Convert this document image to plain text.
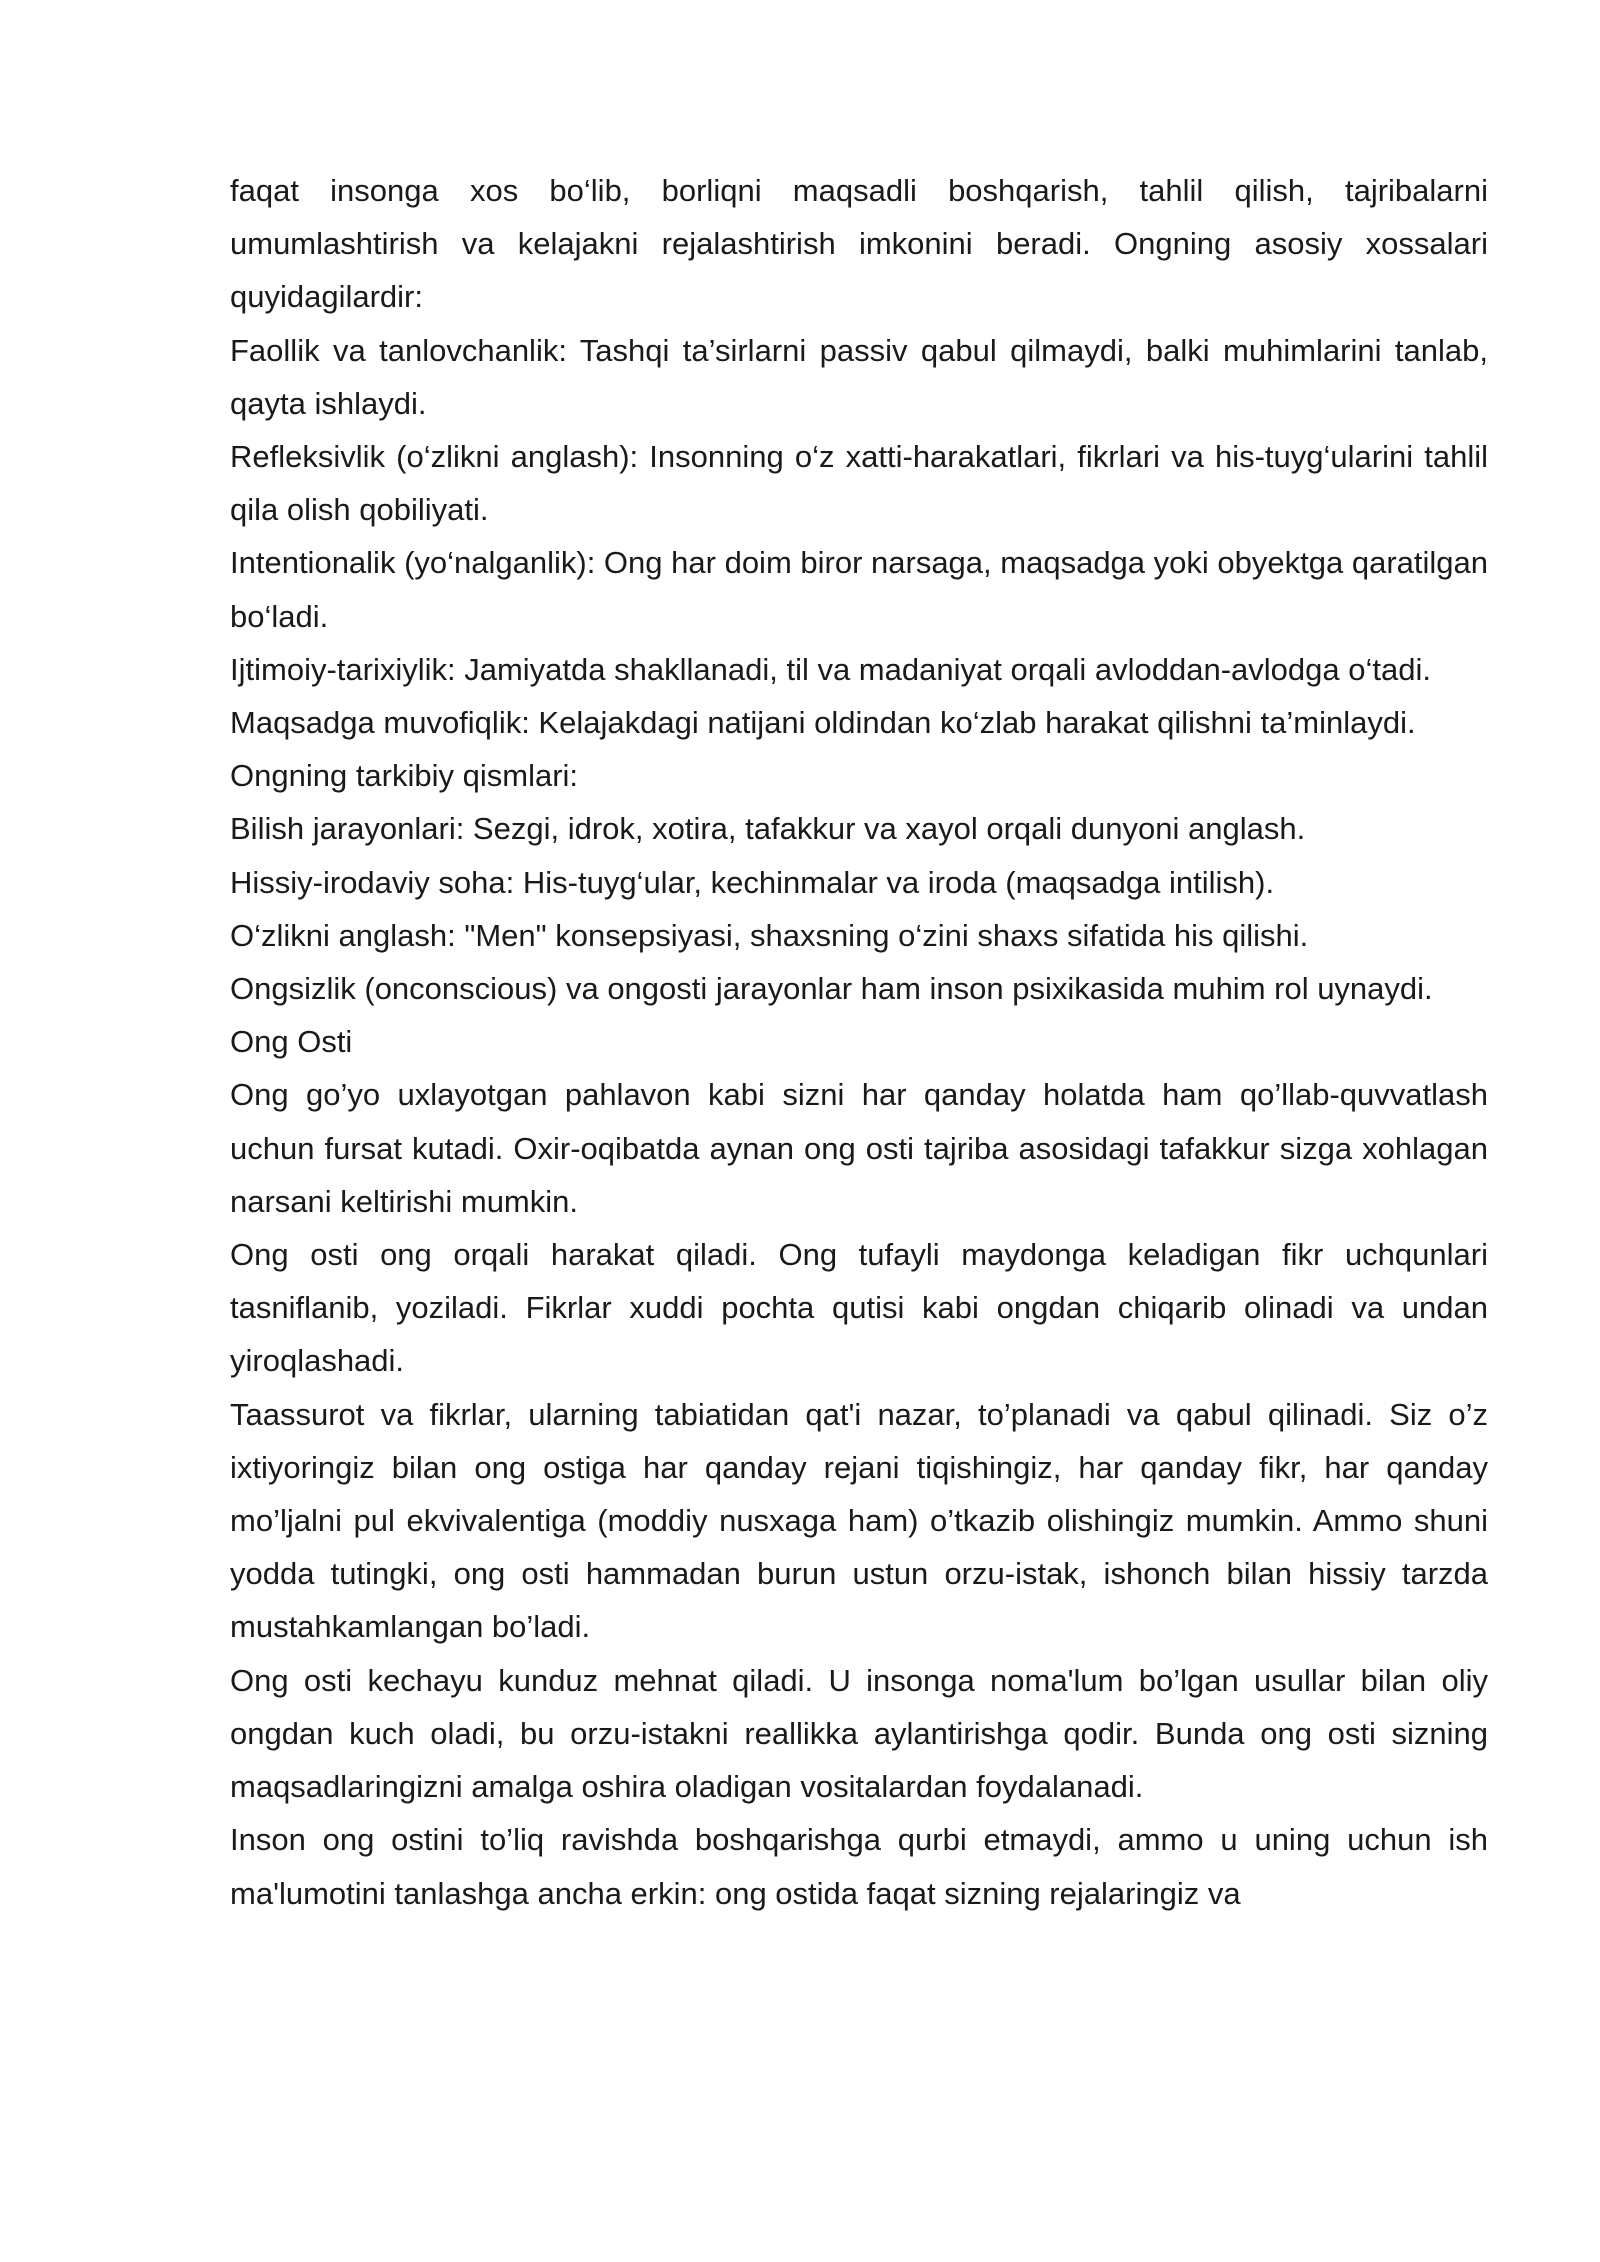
faqat insonga xos bo‘lib, borliqni maqsadli boshqarish, tahlil qilish, tajribalarni umumlashtirish va kelajakni rejalashtirish imkonini beradi. Ongning asosiy xossalari quyidagilardir:

Faollik va tanlovchanlik: Tashqi ta’sirlarni passiv qabul qilmaydi, balki muhimlarini tanlab, qayta ishlaydi.

Refleksivlik (o‘zlikni anglash): Insonning o‘z xatti-harakatlari, fikrlari va his-tuyg‘ularini tahlil qila olish qobiliyati.

Intentionalik (yo‘nalganlik): Ong har doim biror narsaga, maqsadga yoki obyektga qaratilgan bo‘ladi.

Ijtimoiy-tarixiylik: Jamiyatda shakllanadi, til va madaniyat orqali avloddan-avlodga o‘tadi.

Maqsadga muvofiqlik: Kelajakdagi natijani oldindan ko‘zlab harakat qilishni ta’minlaydi.

Ongning tarkibiy qismlari:

Bilish jarayonlari: Sezgi, idrok, xotira, tafakkur va xayol orqali dunyoni anglash.

Hissiy-irodaviy soha: His-tuyg‘ular, kechinmalar va iroda (maqsadga intilish).

O‘zlikni anglash: "Men" konsepsiyasi, shaxsning o‘zini shaxs sifatida his qilishi.

Ongsizlik (onconscious) va ongosti jarayonlar ham inson psixikasida muhim rol uynaydi.

Ong Osti

Ong go’yo uxlayotgan pahlavon kabi sizni har qanday holatda ham qo’llab-quvvatlash uchun fursat kutadi. Oxir-oqibatda aynan ong osti tajriba asosidagi tafakkur sizga xohlagan narsani keltirishi mumkin.

Ong osti ong orqali harakat qiladi. Ong tufayli maydonga keladigan fikr uchqunlari tasniflanib, yoziladi. Fikrlar xuddi pochta qutisi kabi ongdan chiqarib olinadi va undan yiroqlashadi.

Taassurot va fikrlar, ularning tabiatidan qat'i nazar, to’planadi va qabul qilinadi. Siz o’z ixtiyoringiz bilan ong ostiga har qanday rejani tiqishingiz, har qanday fikr, har qanday mo’ljalni pul ekvivalentiga (moddiy nusxaga ham) o’tkazib olishingiz mumkin. Ammo shuni yodda tutingki, ong osti hammadan burun ustun orzu-istak, ishonch bilan hissiy tarzda mustahkamlangan bo’ladi.

Ong osti kechayu kunduz mehnat qiladi. U insonga noma'lum bo’lgan usullar bilan oliy ongdan kuch oladi, bu orzu-istakni reallikka aylantirishga qodir. Bunda ong osti sizning maqsadlaringizni amalga oshira oladigan vositalardan foydalanadi.

Inson ong ostini to’liq ravishda boshqarishga qurbi etmaydi, ammo u uning uchun ish ma'lumotini tanlashga ancha erkin: ong ostida faqat sizning rejalaringiz va
